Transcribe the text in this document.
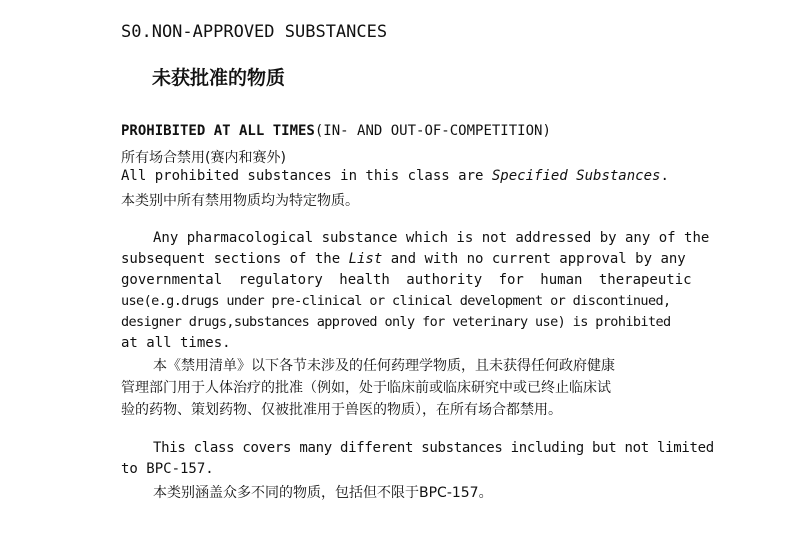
S0.NON-APPROVED SUBSTANCES
未获批准的物质
PROHIBITED AT ALL TIMES(IN- AND OUT-OF-COMPETITION)
所有场合禁用(赛内和赛外)
All prohibited substances in this class are Specified Substances.
本类别中所有禁用物质均为特定物质。
Any pharmacological substance which is not addressed by any of the
subsequent sections of the List and with no current approval by any
governmental regulatory health authority for human therapeutic
use(e.g.drugs under pre-clinical or clinical development or discontinued,
designer drugs,substances approved only for veterinary use) is prohibited
at all times.
本《禁用清单》以下各节未涉及的任何药理学物质，且未获得任何政府健康
管理部门用于人体治疗的批准（例如，处于临床前或临床研究中或已终止临床试
验的药物、策划药物、仅被批准用于兽医的物质），在所有场合都禁用。
This class covers many different substances including but not limited
to BPC-157.
本类别涵盖众多不同的物质，包括但不限于BPC-157。
